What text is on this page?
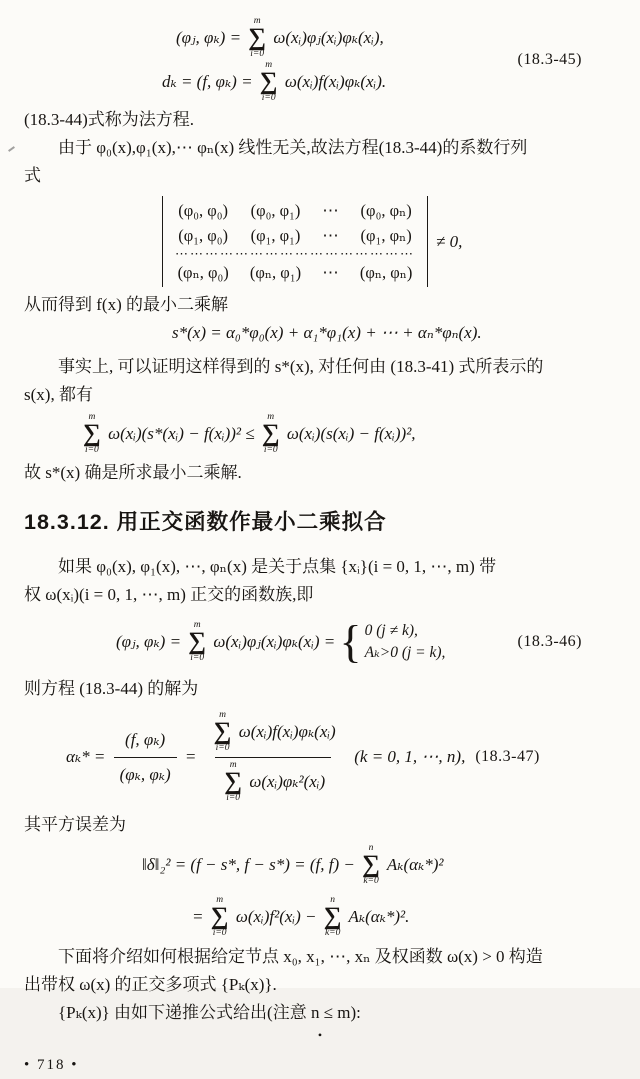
(φⱼ, φₖ) =
m
∑
i=0
ω(xᵢ)φⱼ(xᵢ)φₖ(xᵢ),
dₖ = (f, φₖ) =
m
∑
i=0
ω(xᵢ)f(xᵢ)φₖ(xᵢ).
(18.3-45)

(18.3-44)式称为法方程.

由于 φ₀(x),φ₁(x),⋯ φₙ(x) 线性无关,故法方程(18.3-44)的系数行列

式

(φ₀, φ₀) (φ₀, φ₁) ⋯ (φ₀, φₙ)
(φ₁, φ₀) (φ₁, φ₁) ⋯ (φ₁, φₙ)
⋯⋯⋯⋯⋯⋯⋯⋯⋯⋯⋯⋯⋯⋯⋯⋯
(φₙ, φ₀) (φₙ, φ₁) ⋯ (φₙ, φₙ)
≠ 0,

从而得到 f(x) 的最小二乘解

s*(x) = α₀*φ₀(x) + α₁*φ₁(x) + ⋯ + αₙ*φₙ(x).

事实上, 可以证明这样得到的 s*(x), 对任何由 (18.3-41) 式所表示的

s(x), 都有

m
∑
i=0
ω(xᵢ)(s*(xᵢ) − f(xᵢ))² ≤
m
∑
i=0
ω(xᵢ)(s(xᵢ) − f(xᵢ))²,

故 s*(x) 确是所求最小二乘解.

18.3.12. 用正交函数作最小二乘拟合

如果 φ₀(x), φ₁(x), ⋯, φₙ(x) 是关于点集 {xᵢ}(i = 0, 1, ⋯, m) 带

权 ω(xᵢ)(i = 0, 1, ⋯, m) 正交的函数族,即

(φⱼ, φₖ) =
m
∑
i=0
ω(xᵢ)φⱼ(xᵢ)φₖ(xᵢ) = { 0 (j ≠ k),
Aₖ>0 (j = k),
(18.3-46)

则方程 (18.3-44) 的解为

$\alpha_k* = \frac{\text{(f, φₖ)}}{\text{(φₖ, φₖ)}} = m$
∑
i=0
ω(xᵢ)f(xᵢ)φₖ(xᵢ)
m
∑
i=0
ω(xᵢ)φₖ²(xᵢ) (k = 0, 1, ⋯, n), (18.3-47)

其平方误差为

‖δ‖₂² = (f − s*, f − s*) = (f, f) −
n
∑
k=0
Aₖ(αₖ*)²
=
m
∑
i=0
ω(xᵢ)f²(xᵢ) −
n
∑
k=0
Aₖ(αₖ*)².

下面将介绍如何根据给定节点 x₀, x₁, ⋯, xₙ 及权函数 ω(x) > 0 构造

出带权 ω(x) 的正交多项式 {Pₖ(x)}.

{Pₖ(x)} 由如下递推公式给出(注意 n ≤ m):

•
• 718 •
